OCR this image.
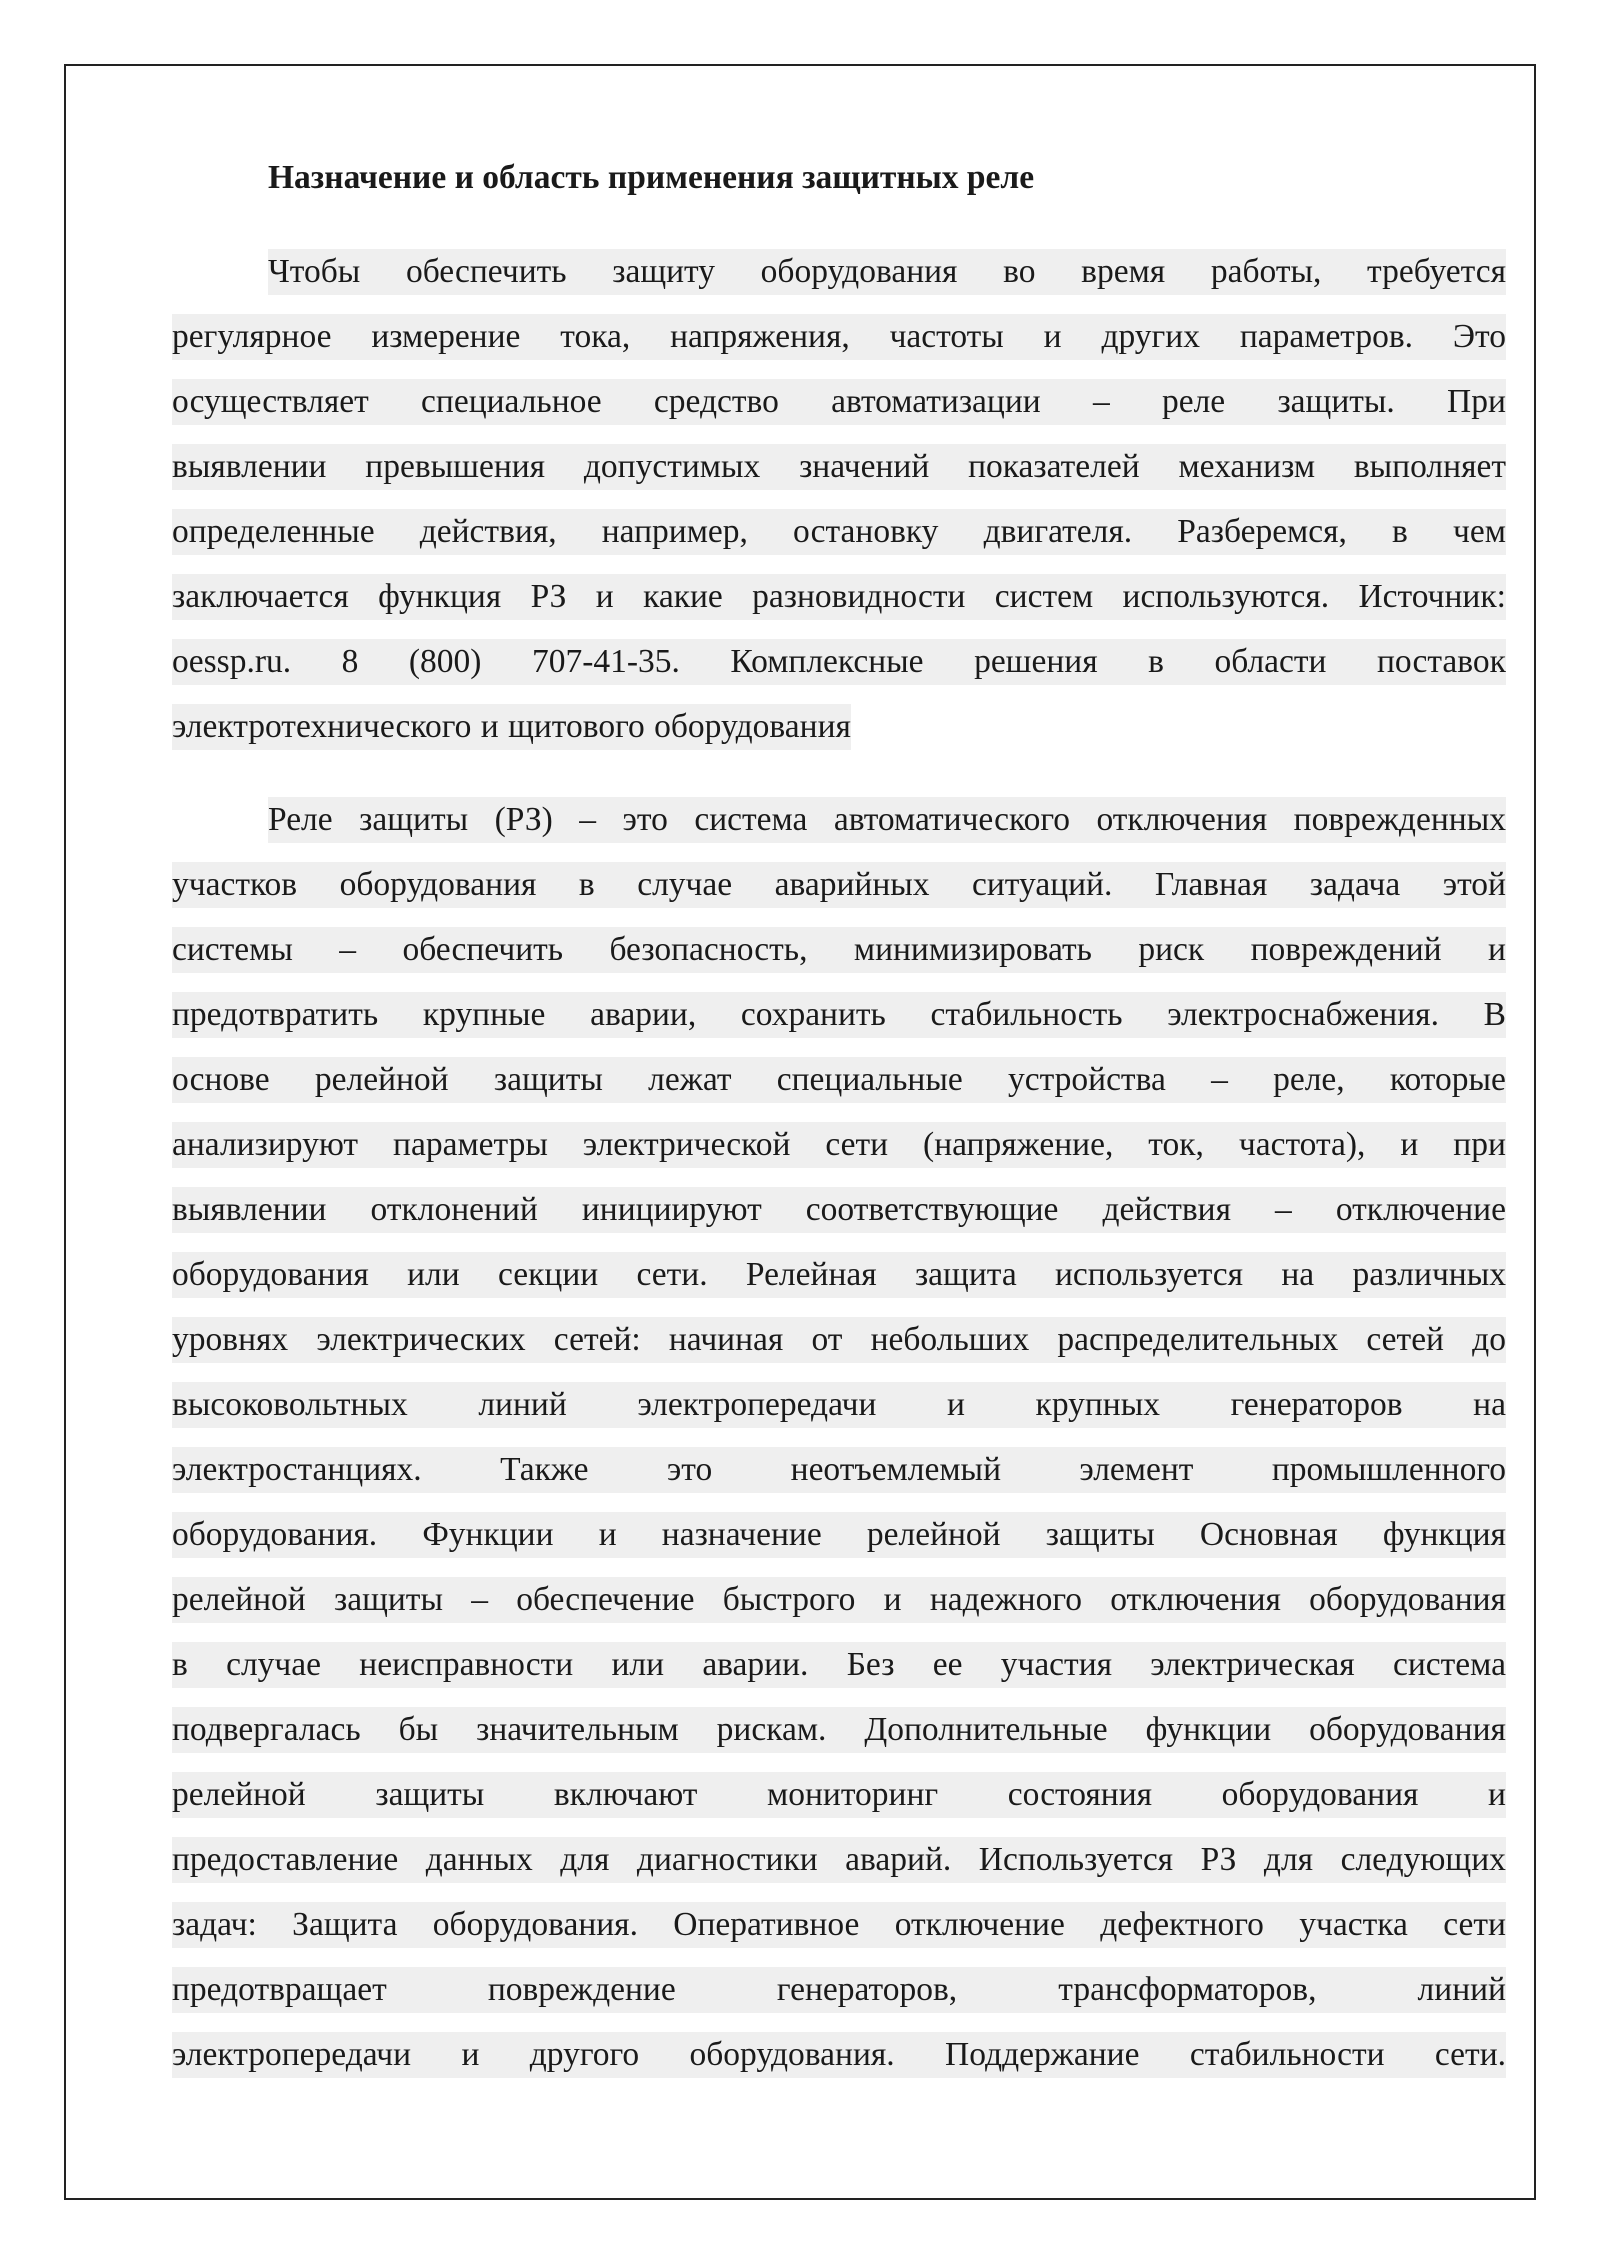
Назначение и область применения защитных реле
Чтобы обеспечить защиту оборудования во время работы, требуется
регулярное измерение тока, напряжения, частоты и других параметров. Это
осуществляет специальное средство автоматизации – реле защиты. При
выявлении превышения допустимых значений показателей механизм выполняет
определенные действия, например, остановку двигателя. Разберемся, в чем
заключается функция РЗ и какие разновидности систем используются. Источник:
oessp.ru. 8 (800) 707-41-35. Комплексные решения в области поставок
электротехнического и щитового оборудования
Реле защиты (РЗ) – это система автоматического отключения поврежденных
участков оборудования в случае аварийных ситуаций. Главная задача этой
системы – обеспечить безопасность, минимизировать риск повреждений и
предотвратить крупные аварии, сохранить стабильность электроснабжения. В
основе релейной защиты лежат специальные устройства – реле, которые
анализируют параметры электрической сети (напряжение, ток, частота), и при
выявлении отклонений инициируют соответствующие действия – отключение
оборудования или секции сети. Релейная защита используется на различных
уровнях электрических сетей: начиная от небольших распределительных сетей до
высоковольтных линий электропередачи и крупных генераторов на
электростанциях. Также это неотъемлемый элемент промышленного
оборудования. Функции и назначение релейной защиты Основная функция
релейной защиты – обеспечение быстрого и надежного отключения оборудования
в случае неисправности или аварии. Без ее участия электрическая система
подвергалась бы значительным рискам. Дополнительные функции оборудования
релейной защиты включают мониторинг состояния оборудования и
предоставление данных для диагностики аварий. Используется РЗ для следующих
задач: Защита оборудования. Оперативное отключение дефектного участка сети
предотвращает	повреждение	генераторов,	трансформаторов,	линий
электропередачи и другого оборудования. Поддержание стабильности сети.
